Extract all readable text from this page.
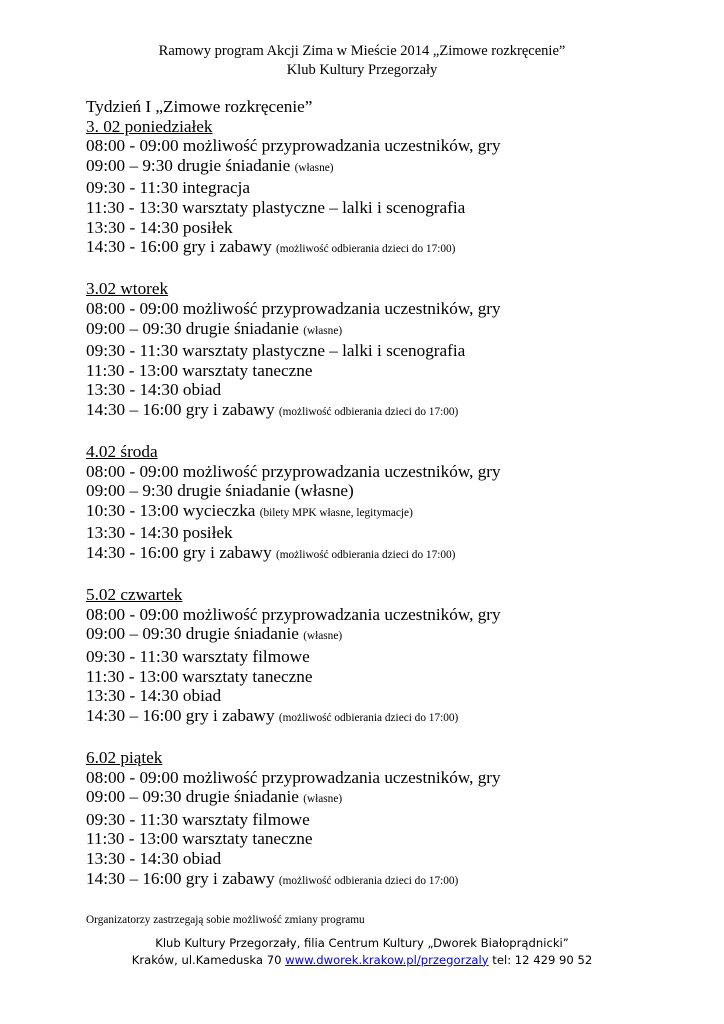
Ramowy program Akcji Zima w Mieście 2014 „Zimowe rozkręcenie”
Klub Kultury Przegorzały
Tydzień I „Zimowe rozkręcenie”
3. 02 poniedziałek
08:00 - 09:00 możliwość przyprowadzania uczestników, gry
09:00 – 9:30 drugie śniadanie (własne)
09:30 - 11:30 integracja
11:30 - 13:30 warsztaty plastyczne – lalki i scenografia
13:30 - 14:30 posiłek
14:30 - 16:00 gry i zabawy (możliwość odbierania dzieci do 17:00)
3.02 wtorek
08:00 - 09:00 możliwość przyprowadzania uczestników, gry
09:00 – 09:30 drugie śniadanie (własne)
09:30 - 11:30 warsztaty plastyczne – lalki i scenografia
11:30 - 13:00 warsztaty taneczne
13:30 - 14:30 obiad
14:30 – 16:00 gry i zabawy (możliwość odbierania dzieci do 17:00)
4.02 środa
08:00 - 09:00 możliwość przyprowadzania uczestników, gry
09:00 – 9:30 drugie śniadanie (własne)
10:30 - 13:00 wycieczka (bilety MPK własne, legitymacje)
13:30 - 14:30 posiłek
14:30 - 16:00 gry i zabawy (możliwość odbierania dzieci do 17:00)
5.02 czwartek
08:00 - 09:00 możliwość przyprowadzania uczestników, gry
09:00 – 09:30 drugie śniadanie (własne)
09:30 - 11:30 warsztaty filmowe
11:30 - 13:00 warsztaty taneczne
13:30 - 14:30 obiad
14:30 – 16:00 gry i zabawy (możliwość odbierania dzieci do 17:00)
6.02 piątek
08:00 - 09:00 możliwość przyprowadzania uczestników, gry
09:00 – 09:30 drugie śniadanie (własne)
09:30 - 11:30 warsztaty filmowe
11:30 - 13:00 warsztaty taneczne
13:30 - 14:30 obiad
14:30 – 16:00 gry i zabawy (możliwość odbierania dzieci do 17:00)
Organizatorzy zastrzegają sobie możliwość zmiany programu
Klub Kultury Przegorzały, filia Centrum Kultury „Dworek Białoprądnicki”
Kraków, ul.Kameduska 70 www.dworek.krakow.pl/przegorzaly tel: 12 429 90 52
